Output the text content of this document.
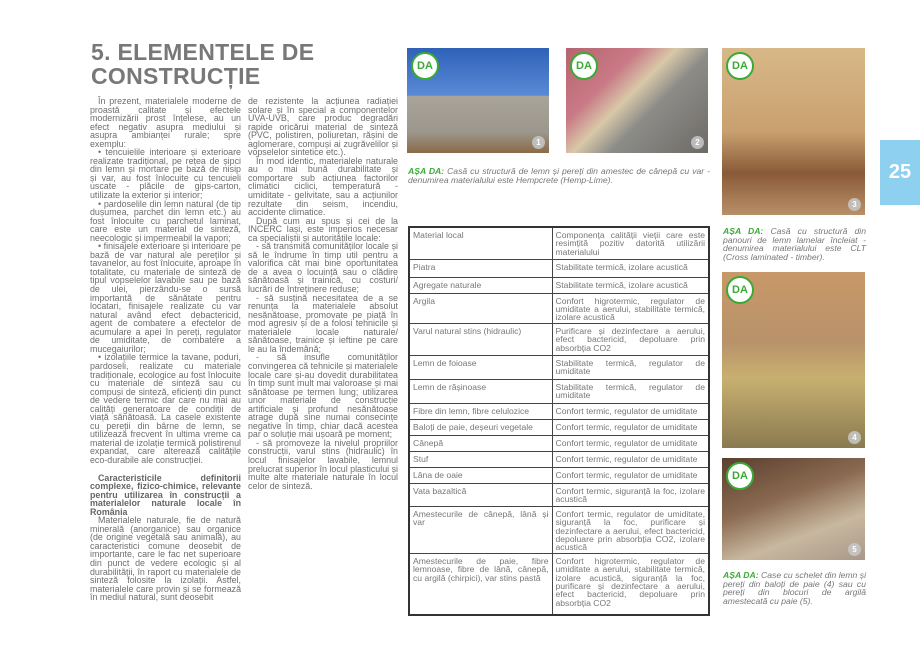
5. ELEMENTELE DE
CONSTRUCȚIE

În prezent, materialele moderne de proastă calitate și efectele modernizării prost înțelese, au un efect negativ asupra mediului și asupra ambianței rurale; spre exemplu:

• tencuielile interioare și exterioare realizate tradițional, pe rețea de șipci din lemn și mortare pe bază de nisip și var, au fost înlocuite cu tencuieli uscate - plăcile de gips-carton, utilizate la exterior și interior;

• pardoselile din lemn natural (de tip dușumea, parchet din lemn etc.) au fost înlocuite cu parchetul laminat, care este un material de sinteză, neecologic și impermeabil la vapori;

• finisajele exterioare și interioare pe bază de var natural ale pereților și tavanelor, au fost înlocuite, aproape în totalitate, cu materiale de sinteză de tipul vopselelor lavabile sau pe bază de ulei, pierzându-se o sursă importantă de sănătate pentru locatari, finisajele realizate cu var natural având efect debactericid, agent de combatere a efectelor de acumulare a apei în pereți, regulator de umiditate, de combatere a mucegaiurilor;

• izolațiile termice la tavane, poduri, pardoseli, realizate cu materiale tradiționale, ecologice au fost înlocuite cu materiale de sinteză sau cu compuși de sinteză, eficienți din punct de vedere termic dar care nu mai au calități generatoare de condiții de viață sănătoasă. La casele existente cu pereții din bârne de lemn, se utilizează frecvent în ultima vreme ca material de izolație termică polistirenul expandat, care alterează calitățile eco-durabile ale construcției.

Caracteristicile definitorii complexe, fizico-chimice, relevante pentru utilizarea în construcții a materialelor naturale locale în România

Materialele naturale, fie de natură minerală (anorganice) sau organice (de origine vegetală sau animală), au caracteristici comune deosebit de importante, care le fac net superioare din punct de vedere ecologic și al durabilității, în raport cu materialele de sinteză folosite la izolații. Astfel, materialele care provin și se formează în mediul natural, sunt deosebit

de rezistente la acțiunea radiației solare și în special a componentelor UVA-UVB, care produc degradări rapide oricărui material de sinteză (PVC, polistiren, poliuretan, rășini de aglomerare, compuși ai zugrăvelilor și vopselelor sintetice etc.).

În mod identic, materialele naturale au o mai bună durabilitate și comportare sub acțiunea factorilor climatici ciclici, temperatură - umiditate - gelivitate, sau a acțiunilor rezultate din seism, incendiu, accidente climatice.

După cum au spus și cei de la INCERC Iași, este imperios necesar ca specialiștii și autoritățile locale:

- să transmită comunităților locale și să le îndrume în timp util pentru a valorifica cât mai bine oportunitatea de a avea o locuință sau o clădire sănătoasă și trainică, cu costuri/ lucrări de întreținere reduse;

- să susțină necesitatea de a se renunța la materialele absolut nesănătoase, promovate pe piață în mod agresiv și de a folosi tehnicile și materialele locale naturale/ sănătoase, trainice și ieftine pe care le au la îndemână;

- să insufle comunităților convingerea că tehnicile și materialele locale care și-au dovedit durabilitatea în timp sunt mult mai valoroase și mai sănătoase pe termen lung; utilizarea unor materiale de construcție artificiale și profund nesănătoase atrage după sine numai consecințe negative în timp, chiar dacă acestea par o soluție mai ușoară pe moment;

- să promoveze la nivelul propriilor construcții, varul stins (hidraulic) în locul finisajelor lavabile, lemnul prelucrat superior în locul plasticului și multe alte materiale naturale în locul celor de sinteză.

DA
1
DA
2
DA
3
DA
4
DA
5
AȘA DA: Casă cu structură de lemn și pereți din amestec de cânepă cu var - denumirea materialului este Hempcrete (Hemp-Lime).
AȘA DA: Casă cu structură din panouri de lemn lamelar încleiat - denumirea materialului este CLT (Cross laminated - timber).
AȘA DA: Case cu schelet din lemn și pereți din baloți de paie (4) sau cu pereți din blocuri de argilă amestecată cu paie (5).
25
Material local	Componența calității vieții care este resimțită pozitiv datorită utilizării materialului
Piatra	Stabilitate termică, izolare acustică
Agregate naturale	Stabilitate termică, izolare acustică
Argila	Confort higrotermic, regulator de umiditate a aerului, stabilitate termică, izolare acustică
Varul natural stins (hidraulic)	Purificare și dezinfectare a aerului, efect bactericid, depoluare prin absorbția CO2
Lemn de foioase	Stabilitate termică, regulator de umiditate
Lemn de rășinoase	Stabilitate termică, regulator de umiditate
Fibre din lemn, fibre celulozice	Confort termic, regulator de umiditate
Baloți de paie, deșeuri vegetale	Confort termic, regulator de umiditate
Cânepă	Confort termic, regulator de umiditate
Stuf	Confort termic, regulator de umiditate
Lâna de oaie	Confort termic, regulator de umiditate
Vata bazaltică	Confort termic, siguranță la foc, izolare acustică
Amestecurile de cânepă, lână și var	Confort termic, regulator de umiditate, siguranță la foc, purificare și dezinfectare a aerului, efect bactericid, depoluare prin absorbția CO2, izolare acustică
Amestecurile de paie, fibre lemnoase, fibre de lână, cânepă, cu argilă (chirpici), var stins pastă	Confort higrotermic, regulator de umiditate a aerului, stabilitate termică, izolare acustică, siguranță la foc, purificare și dezinfectare a aerului, efect bactericid, depoluare prin absorbția CO2
